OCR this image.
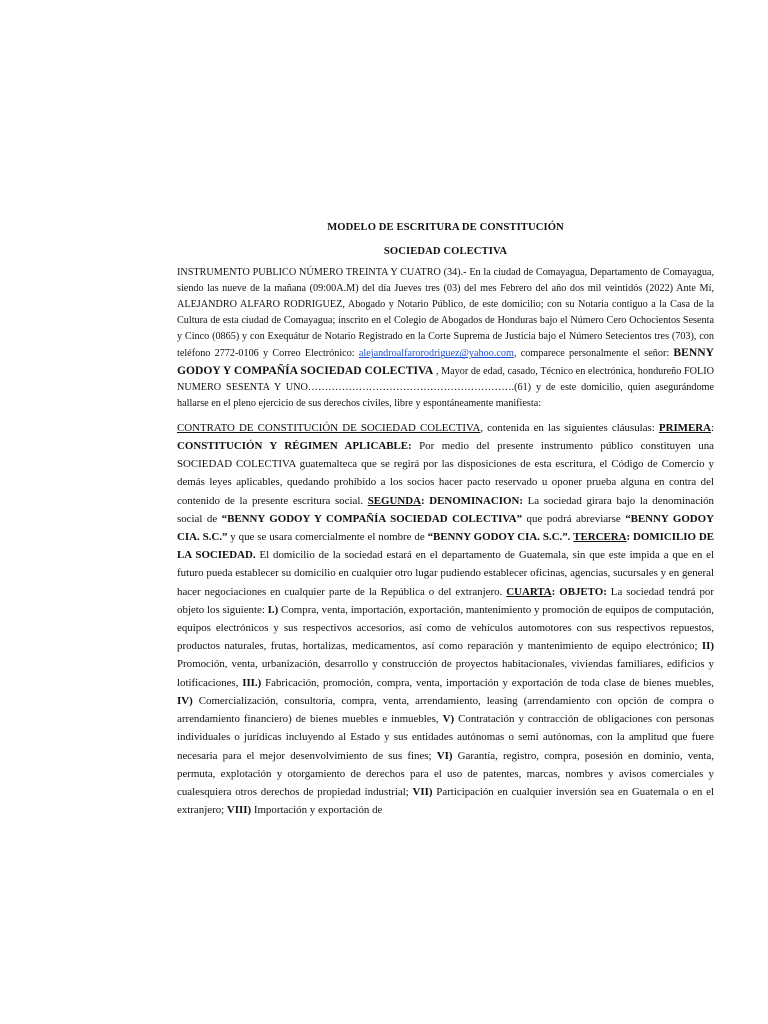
MODELO DE ESCRITURA DE CONSTITUCIÓN

SOCIEDAD COLECTIVA

INSTRUMENTO PUBLICO NÚMERO TREINTA Y CUATRO (34).- En la ciudad de Comayagua, Departamento de Comayagua, siendo las nueve de la mañana (09:00A.M) del día Jueves tres (03) del mes Febrero del año dos mil veintidós (2022) Ante Mí, ALEJANDRO ALFARO RODRIGUEZ, Abogado y Notario Público, de este domicilio; con su Notaria contiguo a la Casa de la Cultura de esta ciudad de Comayagua; inscrito en el Colegio de Abogados de Honduras bajo el Número Cero Ochocientos Sesenta y Cinco (0865) y con Exequátur de Notario Registrado en la Corte Suprema de Justicia bajo el Número Setecientos tres (703), con teléfono 2772-0106 y Correo Electrónico: alejandroalfarorodriguez@yahoo.com, comparece personalmente el señor: BENNY GODOY Y COMPAÑÍA SOCIEDAD COLECTIVA , Mayor de edad, casado, Técnico en electrónica, hondureño FOLIO NUMERO SESENTA Y UNO…………………………………………………….(61) y de este domicilio, quien asegurándome hallarse en el pleno ejercicio de sus derechos civiles, libre y espontáneamente manifiesta:

CONTRATO DE CONSTITUCIÓN DE SOCIEDAD COLECTIVA, contenida en las siguientes cláusulas: PRIMERA: CONSTITUCIÓN Y RÉGIMEN APLICABLE: Por medio del presente instrumento público constituyen una SOCIEDAD COLECTIVA guatemalteca que se regirá por las disposiciones de esta escritura, el Código de Comercio y demás leyes aplicables, quedando prohibido a los socios hacer pacto reservado u oponer prueba alguna en contra del contenido de la presente escritura social. SEGUNDA: DENOMINACION: La sociedad girara bajo la denominación social de “BENNY GODOY Y COMPAÑÍA SOCIEDAD COLECTIVA” que podrá abreviarse “BENNY GODOY CIA. S.C.” y que se usara comercialmente el nombre de “BENNY GODOY CIA. S.C.”. TERCERA: DOMICILIO DE LA SOCIEDAD. El domicilio de la sociedad estará en el departamento de Guatemala, sin que este impida a que en el futuro pueda establecer su domicilio en cualquier otro lugar pudiendo establecer oficinas, agencias, sucursales y en general hacer negociaciones en cualquier parte de la República o del extranjero. CUARTA: OBJETO: La sociedad tendrá por objeto los siguiente: I.) Compra, venta, importación, exportación, mantenimiento y promoción de equipos de computación, equipos electrónicos y sus respectivos accesorios, así como de vehículos automotores con sus respectivos repuestos, productos naturales, frutas, hortalizas, medicamentos, así como reparación y mantenimiento de equipo electrónico; II) Promoción, venta, urbanización, desarrollo y construcción de proyectos habitacionales, viviendas familiares, edificios y lotificaciones, III.) Fabricación, promoción, compra, venta, importación y exportación de toda clase de bienes muebles, IV) Comercialización, consultoría, compra, venta, arrendamiento, leasing (arrendamiento con opción de compra o arrendamiento financiero) de bienes muebles e inmuebles, V) Contratación y contracción de obligaciones con personas individuales o jurídicas incluyendo al Estado y sus entidades autónomas o semi autónomas, con la amplitud que fuere necesaria para el mejor desenvolvimiento de sus fines; VI) Garantía, registro, compra, posesión en dominio, venta, permuta, explotación y otorgamiento de derechos para el uso de patentes, marcas, nombres y avisos comerciales y cualesquiera otros derechos de propiedad industrial; VII) Participación en cualquier inversión sea en Guatemala o en el extranjero; VIII) Importación y exportación de
